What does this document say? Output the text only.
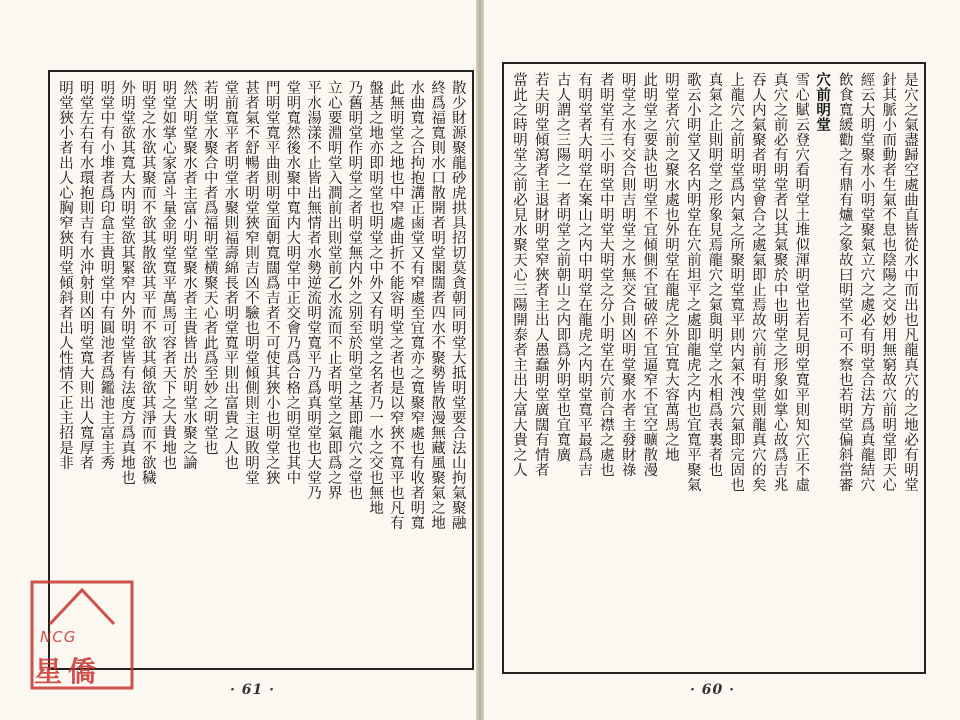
散少財源聚龍砂虎拱具招切莫貪朝同明堂大抵明堂要合法山拘氣聚融
終爲福寬則水口散開者明堂閣闊者四水不聚勢皆散漫無藏風聚氣之地
水曲寬之合拘抱溝正鹵堂又有窄處至宜寬亦之寬聚窄處也有收者明寬
此無明堂之地也中窄處曲折不能容明堂之者也是以窄狹不寬平也凡有
盤基之地亦即明堂也明堂之中外又有明堂之名者乃一水之交也無地
乃舊明堂作明堂之者明堂無内外之别至於明堂之基即龍穴之堂也
立心要淵明堂入澗前出則堂前乙水流而不止者明堂之氣即爲之界
平水湯漾不止皆出無情者水勢逆流明堂寬平乃爲真明堂也大堂乃
堂明寬然後水聚中寬内大明堂中正交會乃爲合格之明堂也其中
門明堂寬平曲則明堂面朝寬闊爲吉者不可使其狹小也明堂之狹
甚者氣不舒暢者明堂狹窄則吉凶不驗也明堂傾側則主退敗明堂
堂前寬平者明堂水聚則福壽綿長者明堂寬平則出富貴之人也
若明堂水聚合中者爲福明堂横聚天心者此爲至妙之明堂也
然大明堂聚水者主富小明堂聚水者主貴皆出於明堂水聚之論
明堂如掌心家富斗量金明堂寬平萬馬可容者天下之大貴地也
明堂之水欲其聚而不欲其散欲其平而不欲其傾欲其淨而不欲穢
外明堂欲其寬大内明堂欲其緊窄内外明堂皆有法度方爲真地也
明堂中有小堆者爲印盒主貴明堂中有圓池者爲鑑池主富主秀
明堂左右有水環抱則吉有水沖射則凶明堂寬大則出人寬厚者
明堂狹小者出人心胸窄狹明堂傾斜者出人性情不正主招是非
· 61 ·
是穴之氣盡歸空處曲直皆從水中而出也凡龍真穴的之地必有明堂
針其脈小而動者生氣不息也陰陽之交妙用無窮故穴前明堂即天心
經云大明堂聚水小明堂聚氣立穴之處必有明堂合法方爲真龍結穴
飲食寬緩勸之有鼎有爐之象故曰明堂不可不察也若明堂偏斜當審
穴前明堂
雪心賦云登穴看明堂土堆似渾明堂也若見明堂寬平則知穴正不虛
真穴之前必有明堂者以其氣聚於中也明堂之形象如掌心故爲吉兆
吞人内氣聚者明堂會合之處氣即止焉故穴前有明堂則龍真穴的矣
上龍穴之前明堂爲内氣之所聚明堂寬平則内氣不洩穴氣即完固也
真氣之止則明堂之形象見焉龍穴之氣與明堂之水相爲表裏者也
歌云小明堂又名内明堂在穴前坦平之處即龍虎之内也宜寬平聚氣
明堂者穴前之聚水處也外明堂在龍虎之外宜寬大容萬馬之地
此明堂之要訣也明堂不宜傾側不宜破碎不宜逼窄不宜空曠散漫
明堂之水有交合則吉明堂之水無交合則凶明堂聚水者主發財祿
者明堂有三小明堂中明堂大明堂之分小明堂在穴前合襟之處也
有明堂者大明堂在案山之内中明堂在龍虎之内明堂寬平最爲吉
古人謂之三陽之一者明堂之前朝山之内即爲外明堂也宜寬廣
若夫明堂傾瀉者主退財明堂窄狹者主出人愚蠢明堂廣闊有情者
當此之時明堂之前必見水聚天心三陽開泰者主出大富大貴之人
· 60 ·
NCG
星僑
